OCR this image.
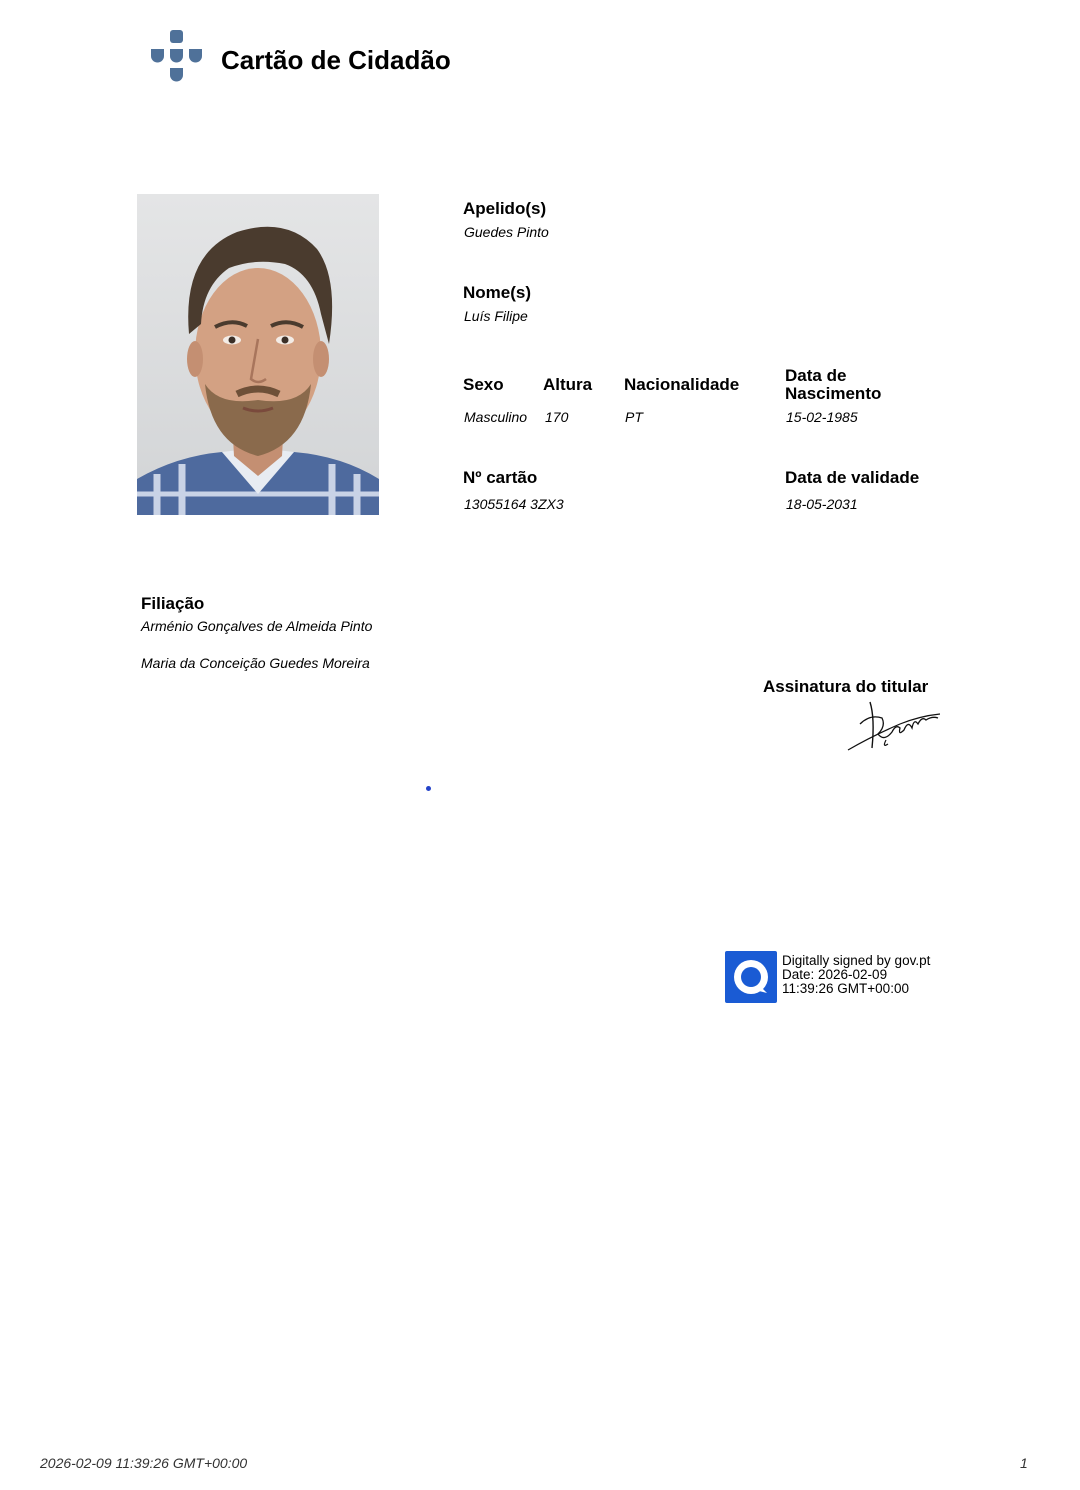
Cartão de Cidadão
Apelido(s)
Guedes Pinto
Nome(s)
Luís Filipe
Sexo
Masculino
Altura
170
Nacionalidade
PT
Data de
Nascimento
15-02-1985
Nº cartão
13055164 3ZX3
Data de validade
18-05-2031
Filiação
Arménio Gonçalves de Almeida Pinto
Maria da Conceição Guedes Moreira
Assinatura do titular
Digitally signed by gov.pt
Date: 2026-02-09
11:39:26 GMT+00:00
2026-02-09 11:39:26 GMT+00:00	1
